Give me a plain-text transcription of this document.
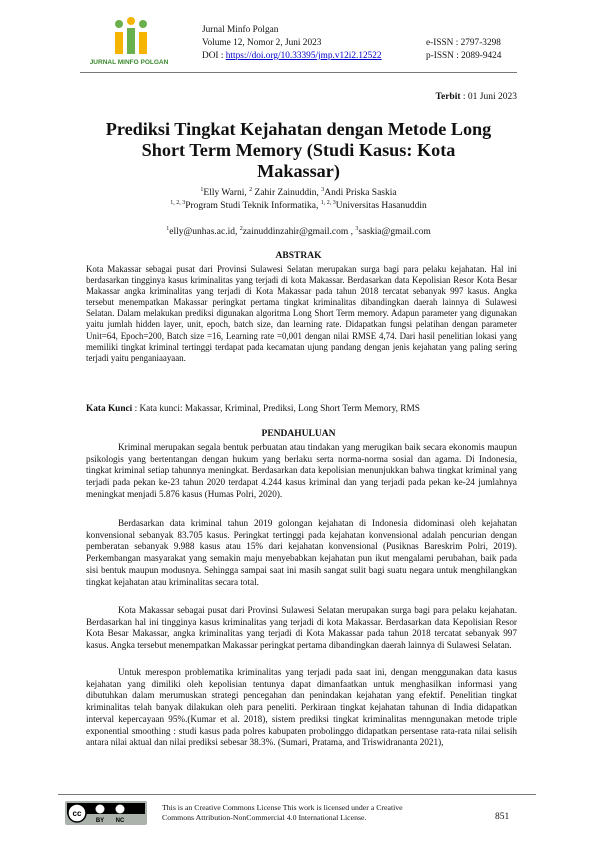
JURNAL MINFO POLGAN
Jurnal Minfo Polgan
Volume 12, Nomor 2, Juni 2023
DOI : https://doi.org/10.33395/jmp.v12i2.12522
e-ISSN : 2797-3298
p-ISSN : 2089-9424
Terbit : 01 Juni 2023
Prediksi Tingkat Kejahatan dengan Metode Long
Short Term Memory (Studi Kasus: Kota
Makassar)
$^1$Elly Warni, $^2$ Zahir Zainuddin, $^3$Andi Priska Saskia
$^{1, 2, 3}$Program Studi Teknik Informatika, $^{1, 2, 3}$Universitas Hasanuddin
$^1$elly@unhas.ac.id, $^2$zainuddinzahir@gmail.com , $^3$saskia@gmail.com
ABSTRAK
Kota Makassar sebagai pusat dari Provinsi Sulawesi Selatan merupakan surga bagi para pelaku kejahatan. Hal ini berdasarkan tingginya kasus kriminalitas yang terjadi di kota Makassar. Berdasarkan data Kepolisian Resor Kota Besar Makassar angka kriminalitas yang terjadi di Kota Makassar pada tahun 2018 tercatat sebanyak 997 kasus. Angka tersebut menempatkan Makassar peringkat pertama tingkat kriminalitas dibandingkan daerah lainnya di Sulawesi Selatan. Dalam melakukan prediksi digunakan algoritma Long Short Term memory. Adapun parameter yang digunakan yaitu jumlah hidden layer, unit, epoch, batch size, dan learning rate. Didapatkan fungsi pelatihan dengan parameter Unit=64, Epoch=200, Batch size =16, Learning rate =0,001 dengan nilai RMSE 4,74. Dari hasil penelitian lokasi yang memiliki tingkat kriminal tertinggi terdapat pada kecamatan ujung pandang dengan jenis kejahatan yang paling sering terjadi yaitu penganiaayaan.
Kata Kunci : Kata kunci: Makassar, Kriminal, Prediksi, Long Short Term Memory, RMS
PENDAHULUAN
Kriminal merupakan segala bentuk perbuatan atau tindakan yang merugikan baik secara ekonomis maupun psikologis yang bertentangan dengan hukum yang berlaku serta norma-norma sosial dan agama. Di Indonesia, tingkat kriminal setiap tahunnya meningkat. Berdasarkan data kepolisian menunjukkan bahwa tingkat kriminal yang terjadi pada pekan ke-23 tahun 2020 terdapat 4.244 kasus kriminal dan yang terjadi pada pekan ke-24 jumlahnya meningkat menjadi 5.876 kasus (Humas Polri, 2020).
Berdasarkan data kriminal tahun 2019 golongan kejahatan di Indonesia didominasi oleh kejahatan konvensional sebanyak 83.705 kasus. Peringkat tertinggi pada kejahatan konvensional adalah pencurian dengan pemberatan sebanyak 9.988 kasus atau 15% dari kejahatan konvensional (Pusiknas Bareskrim Polri, 2019). Perkembangan masyarakat yang semakin maju menyebabkan kejahatan pun ikut mengalami perubahan, baik pada sisi bentuk maupun modusnya. Sehingga sampai saat ini masih sangat sulit bagi suatu negara untuk menghilangkan tingkat kejahatan atau kriminalitas secara total.
Kota Makassar sebagai pusat dari Provinsi Sulawesi Selatan merupakan surga bagi para pelaku kejahatan. Berdasarkan hal ini tingginya kasus kriminalitas yang terjadi di kota Makassar. Berdasarkan data Kepolisian Resor Kota Besar Makassar, angka kriminalitas yang terjadi di Kota Makassar pada tahun 2018 tercatat sebanyak 997 kasus. Angka tersebut menempatkan Makassar peringkat pertama dibandingkan daerah lainnya di Sulawesi Selatan.
Untuk merespon problematika kriminalitas yang terjadi pada saat ini, dengan menggunakan data kasus kejahatan yang dimiliki oleh kepolisian tentunya dapat dimanfaatkan untuk menghasilkan informasi yang dibutuhkan dalam merumuskan strategi pencegahan dan penindakan kejahatan yang efektif. Penelitian tingkat kriminalitas telah banyak dilakukan oleh para peneliti. Perkiraan tingkat kejahatan tahunan di India didapatkan interval kepercayaan 95%.(Kumar et al. 2018), sistem prediksi tingkat kriminalitas menngunakan metode triple exponential smoothing : studi kasus pada polres kabupaten probolinggo didapatkan persentase rata-rata nilai selisih antara nilai aktual dan nilai prediksi sebesar 38.3%. (Sumari, Pratama, and Triswidrananta 2021),
cc
BY NC
This is an Creative Commons License This work is licensed under a Creative
Commons Attribution-NonCommercial 4.0 International License.	851
